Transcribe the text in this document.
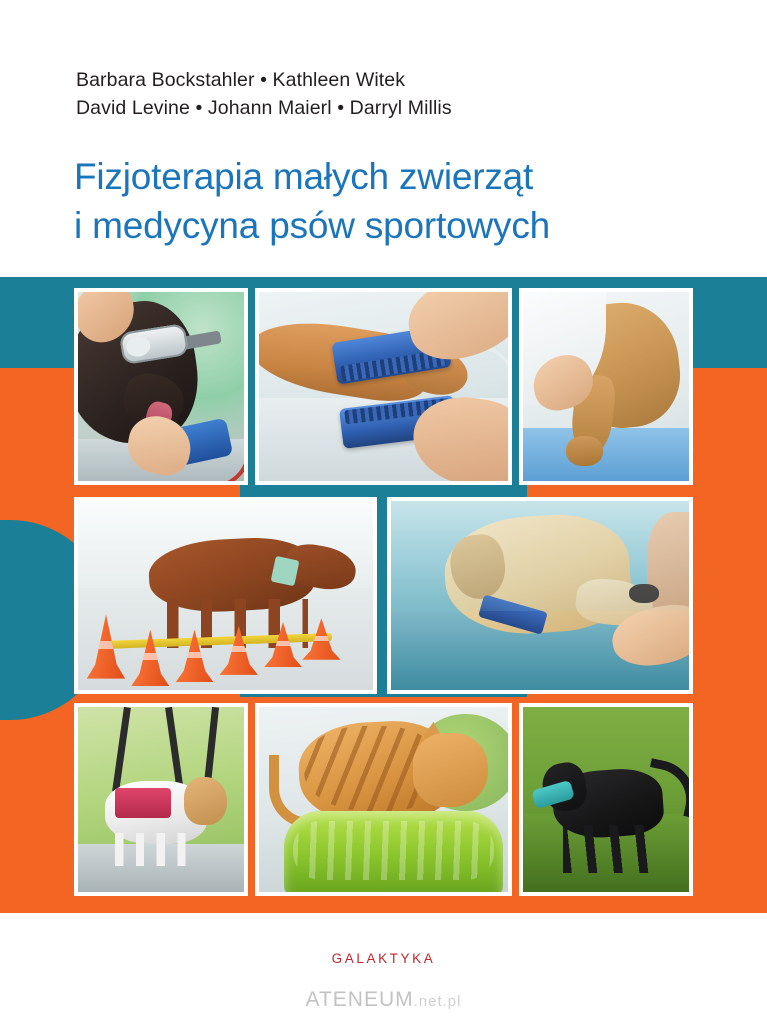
Barbara Bockstahler • Kathleen Witek
David Levine • Johann Maierl • Darryl Millis
Fizjoterapia małych zwierząt
i medycyna psów sportowych
GALAKTYKA
ATENEUM.net.pl
